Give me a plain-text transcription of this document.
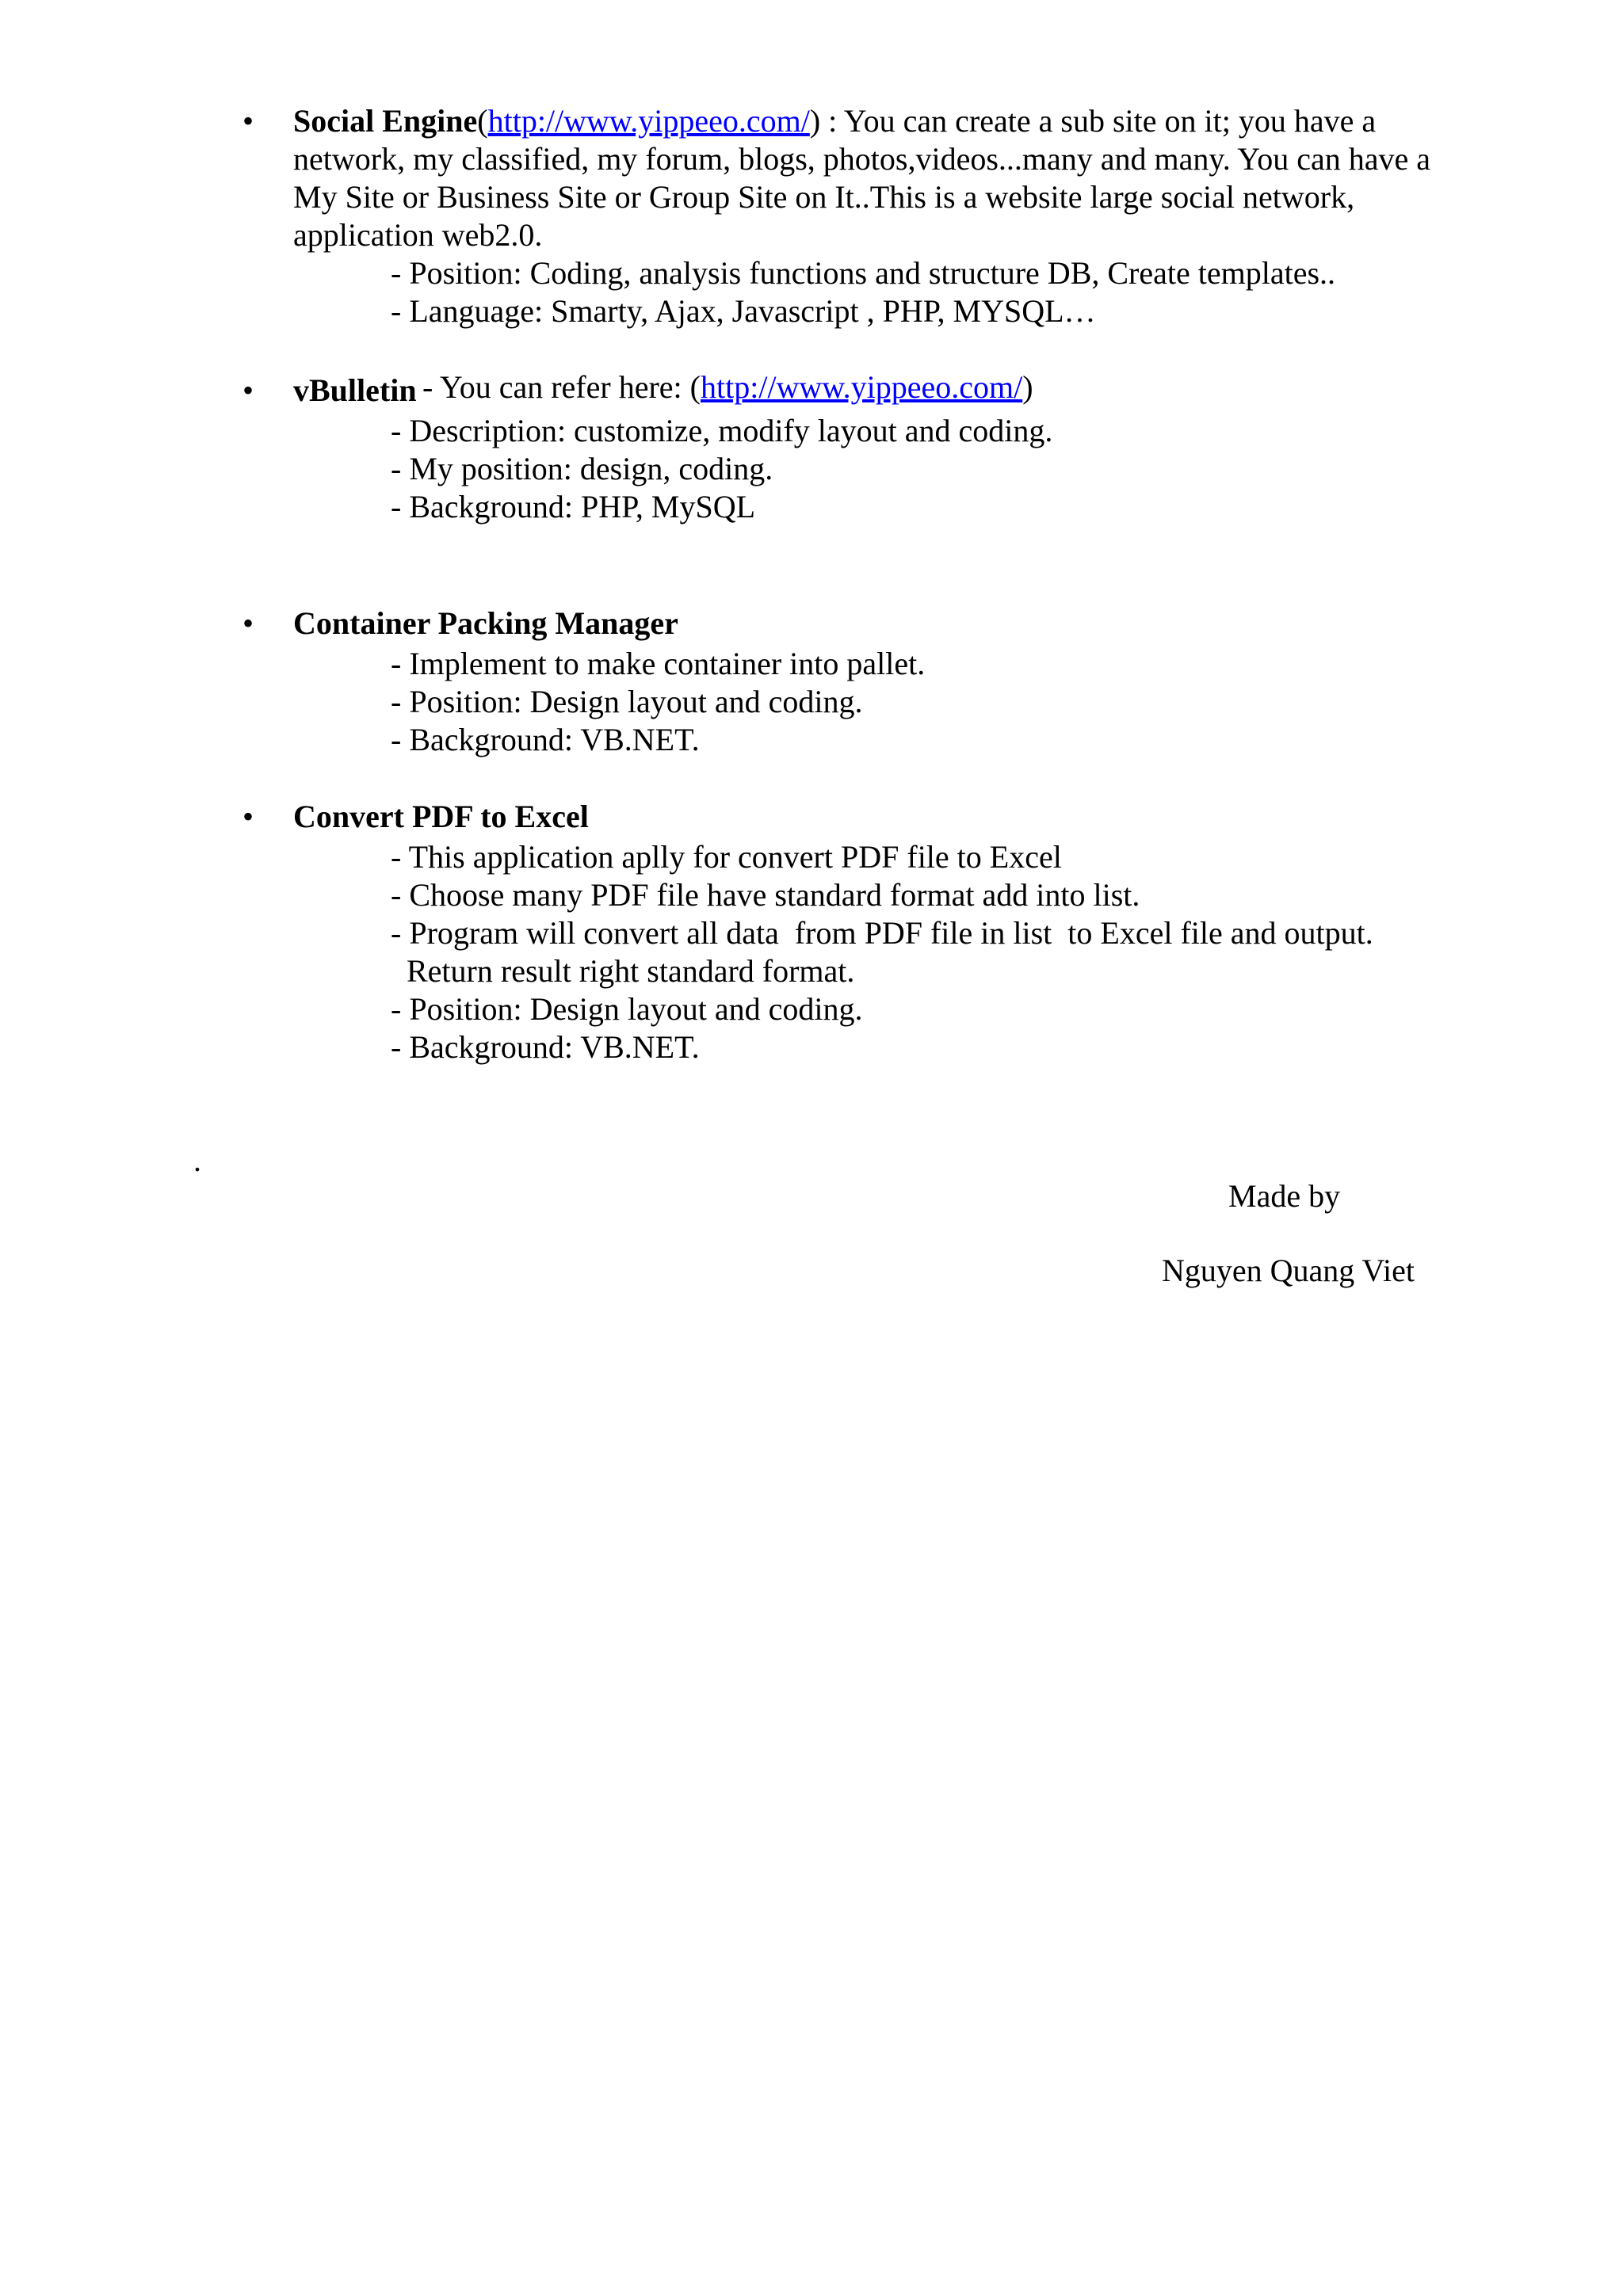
• Social Engine(http://www.yippeeo.com/) : You can create a sub site on it; you have a
network, my classified, my forum, blogs, photos,videos...many and many. You can have a
My Site or Business Site or Group Site on It..This is a website large social network,
application web2.0.
- Position: Coding, analysis functions and structure DB, Create templates..
- Language: Smarty, Ajax, Javascript , PHP, MYSQL…

- You can refer here: (http://www.yippeeo.com/)

• vBulletin
- Description: customize, modify layout and coding.
- My position: design, coding.
- Background: PHP, MySQL
• Container Packing Manager
- Implement to make container into pallet.
- Position: Design layout and coding.
- Background: VB.NET.
• Convert PDF to Excel
- This application aplly for convert PDF file to Excel
- Choose many PDF file have standard format add into list.
- Program will convert all data  from PDF file in list  to Excel file and output.
Return result right standard format.
- Position: Design layout and coding.
- Background: VB.NET.
.
Made by
Nguyen Quang Viet
